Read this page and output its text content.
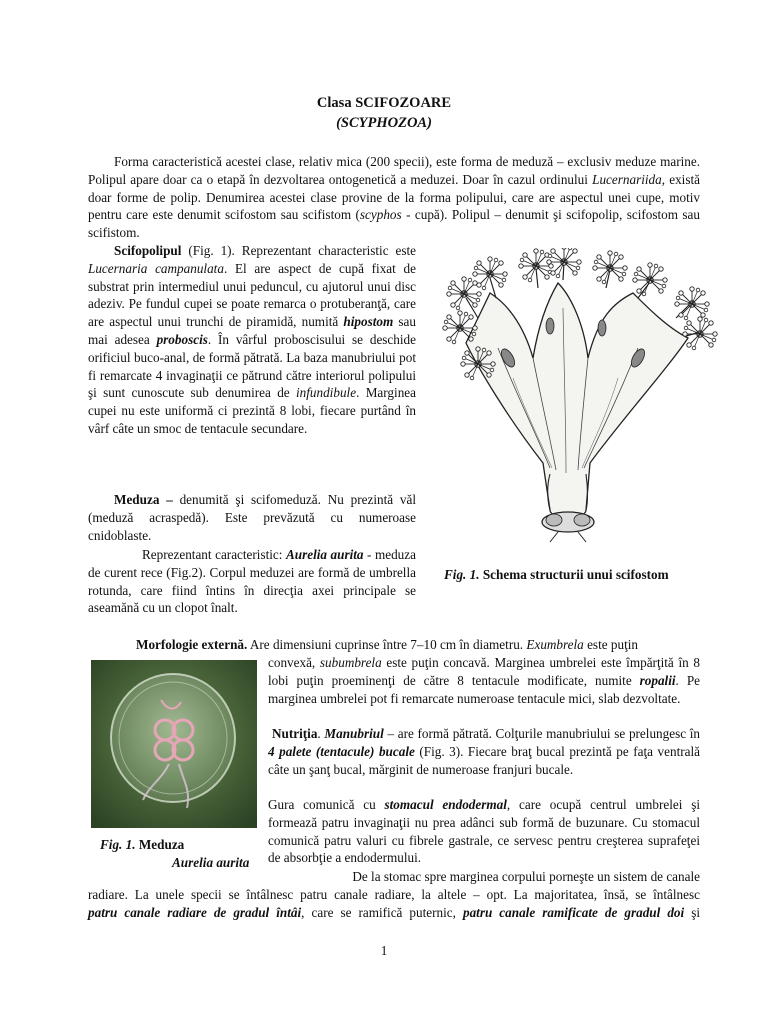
Clasa SCIFOZOARE
(SCYPHOZOA)
Forma caracteristică acestei clase, relativ mica (200 specii), este forma de meduză – exclusiv meduze marine. Polipul apare doar ca o etapă în dezvoltarea ontogenetică a meduzei. Doar în cazul ordinului Lucernariida, există doar forme de polip. Denumirea acestei clase provine de la forma polipului, care are aspectul unei cupe, motiv pentru care este denumit scifostom sau scifistom (scyphos - cupă). Polipul – denumit şi scifopolip, scifostom sau scifistom.
Scifopolipul (Fig. 1). Reprezentant characteristic este Lucernaria campanulata. El are aspect de cupă fixat de substrat prin intermediul unui peduncul, cu ajutorul unui disc adeziv. Pe fundul cupei se poate remarca o protuberanţă, care are aspectul unui trunchi de piramidă, numită hipostom sau mai adesea proboscis. În vârful proboscisului se deschide orificiul buco-anal, de formă pătrată. La baza manubriului pot fi remarcate 4 invaginaţii ce pătrund către interiorul polipului şi sunt cunoscute sub denumirea de infundibule. Marginea cupei nu este uniformă ci prezintă 8 lobi, fiecare purtând în vârf câte un smoc de tentacule secundare.
Meduza – denumită şi scifomeduză. Nu prezintă văl (meduză acraspedă). Este prevăzută cu numeroase cnidoblaste.
Reprezentant caracteristic: Aurelia aurita - meduza de curent rece (Fig.2). Corpul meduzei are formă de umbrella rotunda, care fiind întins în direcţia axei principale se aseamănă cu un clopot înalt.
Fig. 1. Schema structurii unui scifostom
Morfologie externă. Are dimensiuni cuprinse între 7–10 cm în diametru. Exumbrela este puţin
convexă, subumbrela este puţin concavă. Marginea umbrelei este împărţită în 8 lobi puţin proeminenţi de către 8 tentacule modificate, numite ropalii. Pe marginea umbrelei pot fi remarcate numeroase tentacule mici, slab dezvoltate.
Nutriţia. Manubriul – are formă pătrată. Colţurile manubriului se prelungesc în 4 palete (tentacule) bucale (Fig. 3). Fiecare braţ bucal prezintă pe faţa ventrală câte un şanţ bucal, mărginit de numeroase franjuri bucale.
Gura comunică cu stomacul endodermal, care ocupă centrul umbrelei şi formează patru invaginaţii nu prea adânci sub formă de buzunare. Cu stomacul comunică patru valuri cu fibrele gastrale, ce servesc pentru creşterea suprafeţei de absorbţie a endodermului.
Fig. 1. Meduza
Aurelia aurita
De la stomac spre marginea corpului porneşte un sistem de canale
radiare. La unele specii se întâlnesc patru canale radiare, la altele – opt. La majoritatea, însă, se întâlnesc
patru canale radiare de gradul întâi, care se ramifică puternic, patru canale ramificate de gradul doi şi
1
